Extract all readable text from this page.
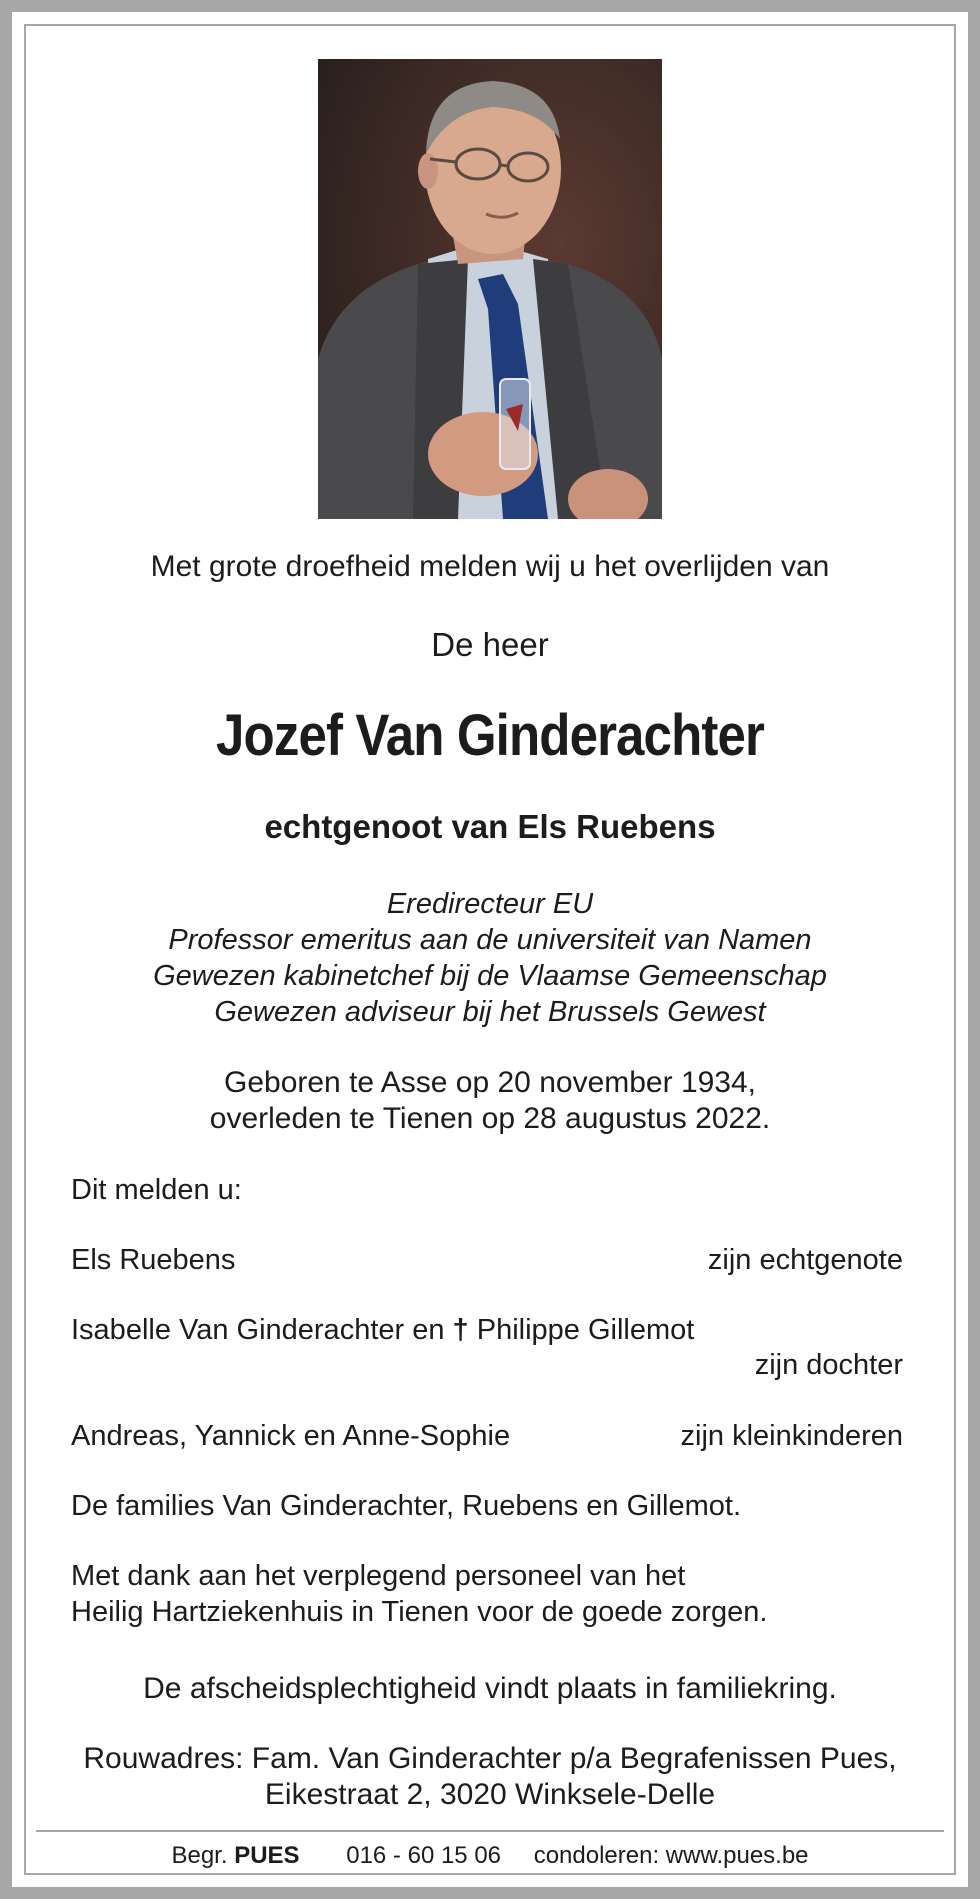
Met grote droefheid melden wij u het overlijden van
De heer
Jozef Van Ginderachter
echtgenoot van Els Ruebens
Eredirecteur EU
Professor emeritus aan de universiteit van Namen
Gewezen kabinetchef bij de Vlaamse Gemeenschap
Gewezen adviseur bij het Brussels Gewest
Geboren te Asse op 20 november 1934,
overleden te Tienen op 28 augustus 2022.
Dit melden u:
Els Ruebens	zijn echtgenote
Isabelle Van Ginderachter en † Philippe Gillemot
zijn dochter
Andreas, Yannick en Anne-Sophie	zijn kleinkinderen
De families Van Ginderachter, Ruebens en Gillemot.
Met dank aan het verplegend personeel van het
Heilig Hartziekenhuis in Tienen voor de goede zorgen.
De afscheidsplechtigheid vindt plaats in familiekring.
Rouwadres: Fam. Van Ginderachter p/a Begrafenissen Pues,
Eikestraat 2, 3020 Winksele-Delle
Begr. PUES 016 - 60 15 06 condoleren: www.pues.be
